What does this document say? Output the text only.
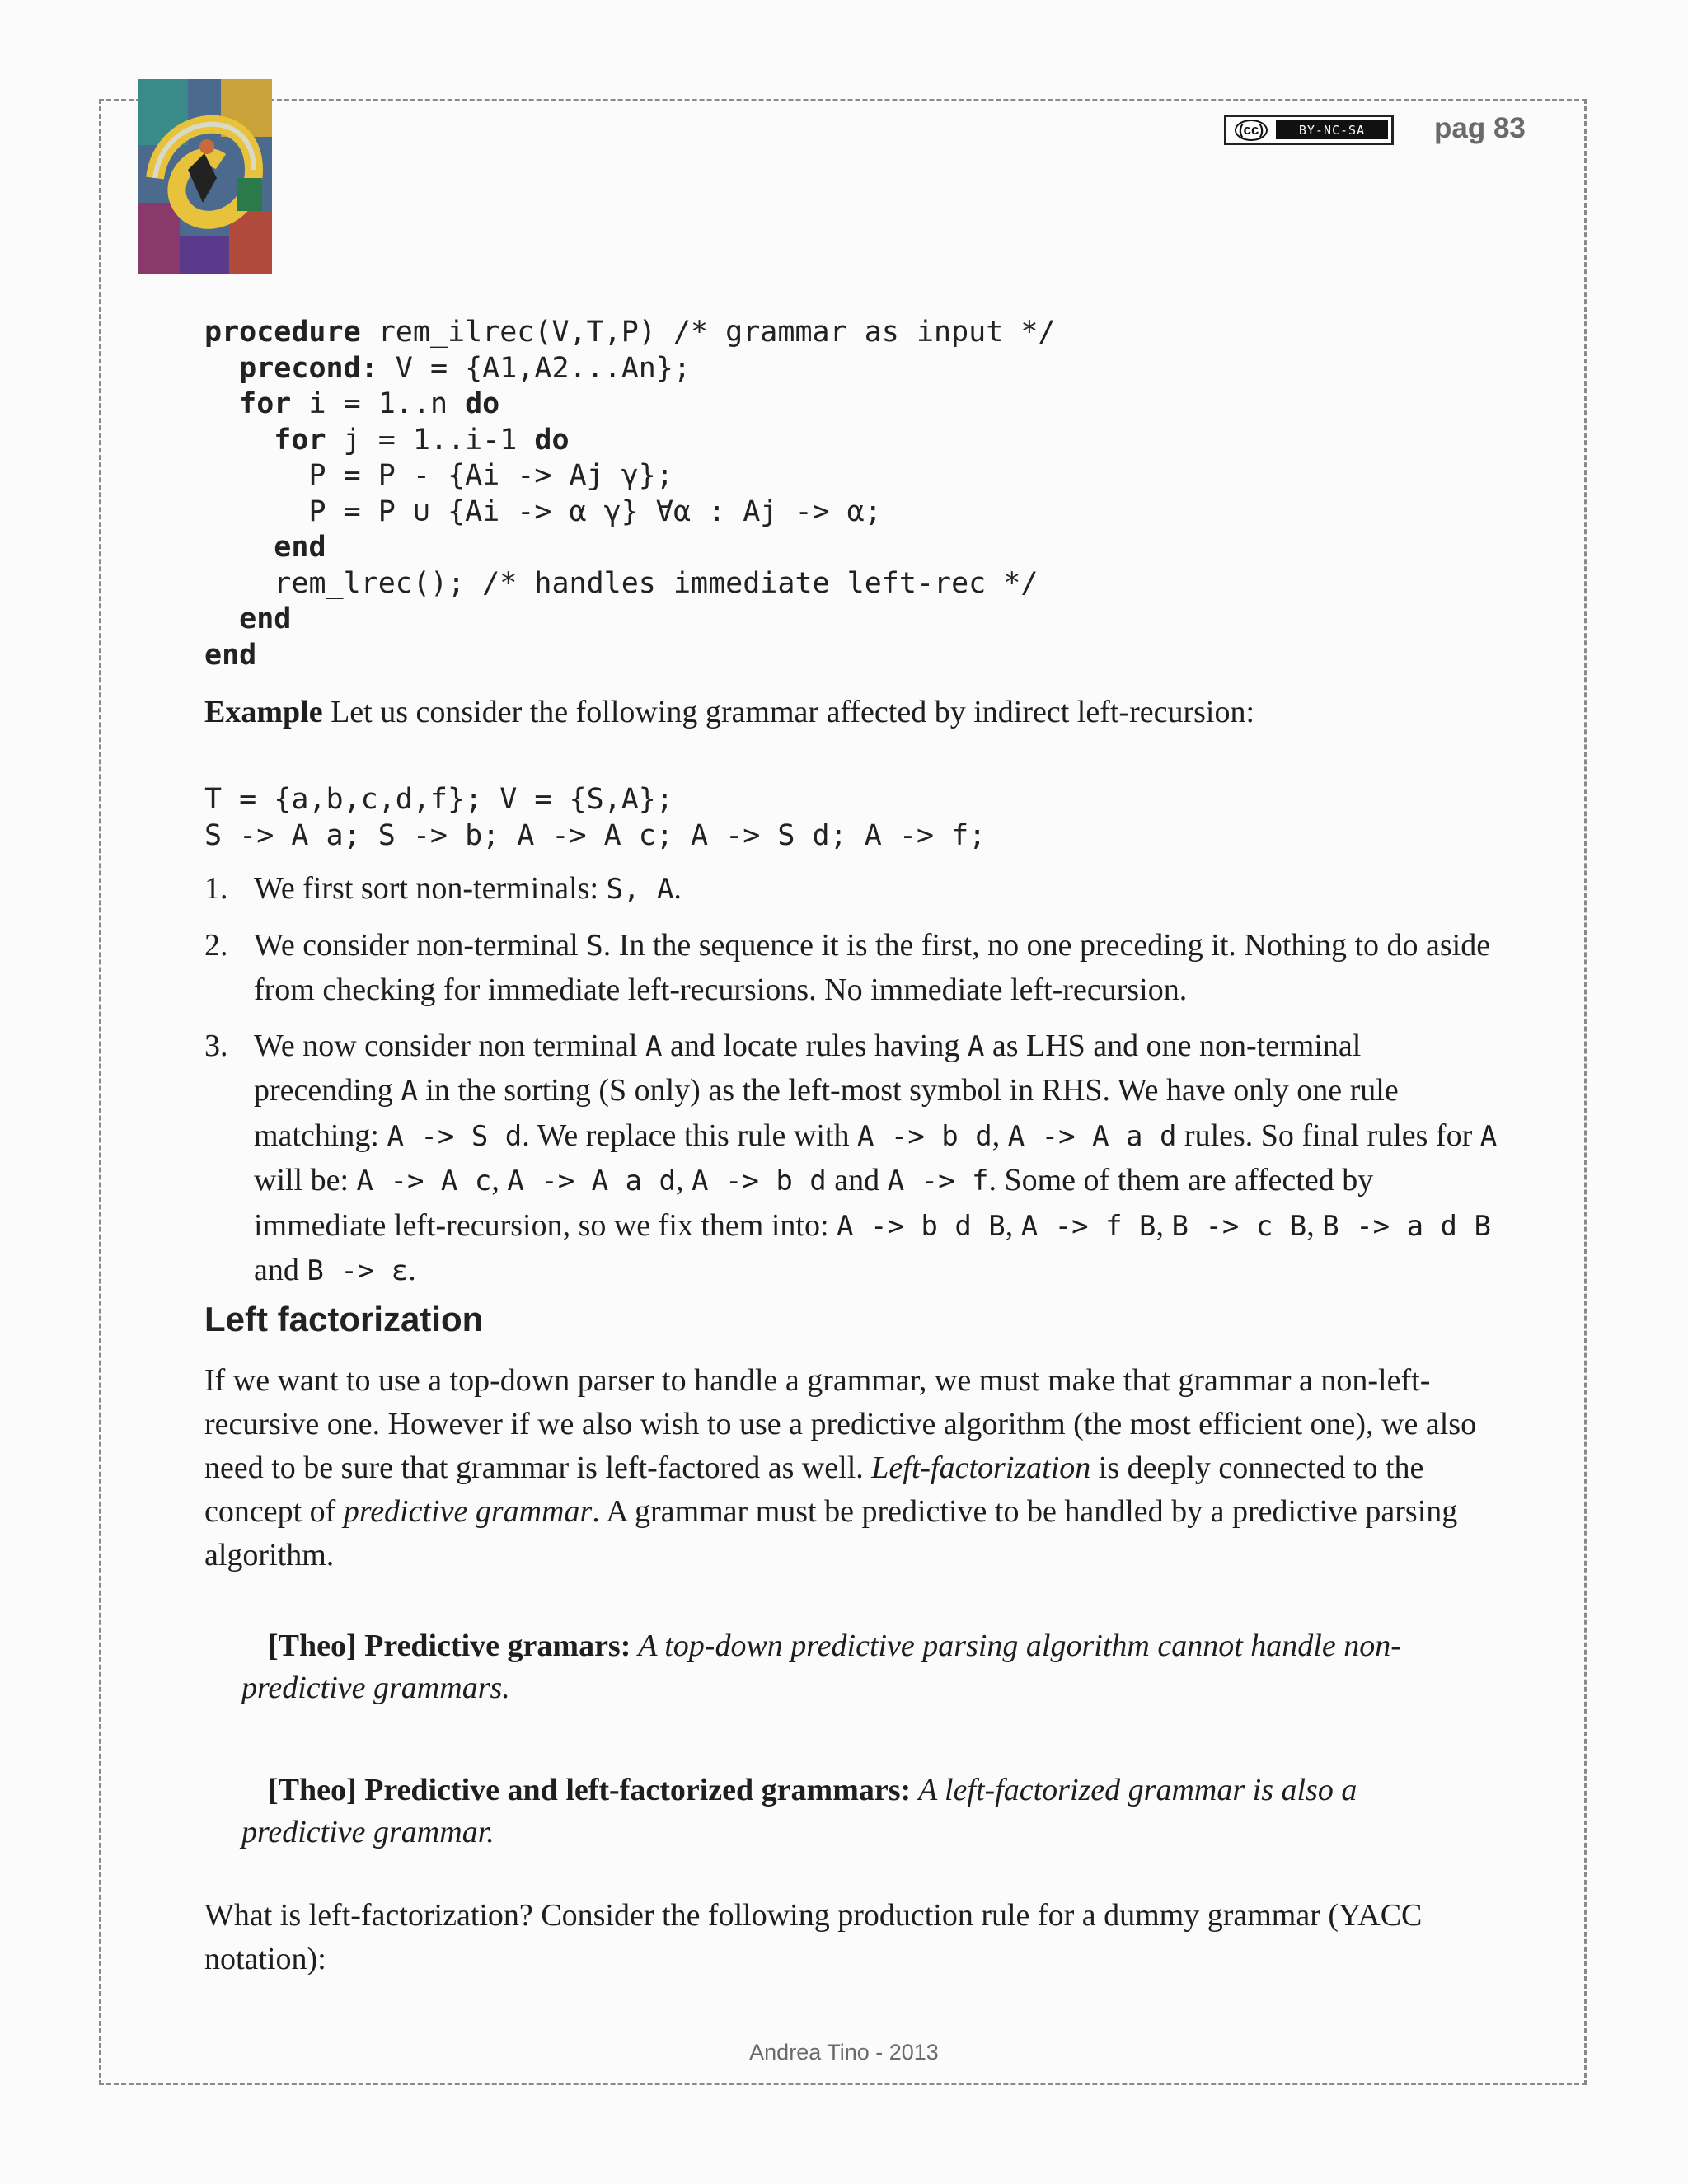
(cc)	BY-NC-SA	pag 83
procedure rem_ilrec(V,T,P) /* grammar as input */
precond: V = {A1,A2...An};
for i = 1..n do
for j = 1..i-1 do
P = P - {Ai -> Aj γ};
P = P ∪ {Ai -> α γ} ∀α : Aj -> α;
end
rem_lrec(); /* handles immediate left-rec */
end
end

Example Let us consider the following grammar affected by indirect left-recursion:

T = {a,b,c,d,f}; V = {S,A};
S -> A a; S -> b; A -> A c; A -> S d; A -> f;
1. We first sort non-terminals: S, A.
2. We consider non-terminal S. In the sequence it is the first, no one preceding it. Nothing to do aside from checking for immediate left-recursions. No immediate left-recursion.
3. We now consider non terminal A and locate rules having A as LHS and one non-terminal precending A in the sorting (S only) as the left-most symbol in RHS. We have only one rule matching: A -> S d. We replace this rule with A -> b d, A -> A a d rules. So final rules for A will be: A -> A c, A -> A a d, A -> b d and A -> f. Some of them are affected by immediate left-recursion, so we fix them into: A -> b d B, A -> f B, B -> c B, B -> a d B and B -> ε.
Left factorization

If we want to use a top-down parser to handle a grammar, we must make that grammar a non-left-recursive one. However if we also wish to use a predictive algorithm (the most efficient one), we also need to be sure that grammar is left-factored as well. Left-factorization is deeply connected to the concept of predictive grammar. A grammar must be predictive to be handled by a predictive parsing algorithm.

[Theo] Predictive gramars: A top-down predictive parsing algorithm cannot handle non-predictive grammars.

[Theo] Predictive and left-factorized grammars: A left-factorized grammar is also a predictive grammar.

What is left-factorization? Consider the following production rule for a dummy grammar (YACC notation):

Andrea Tino - 2013
